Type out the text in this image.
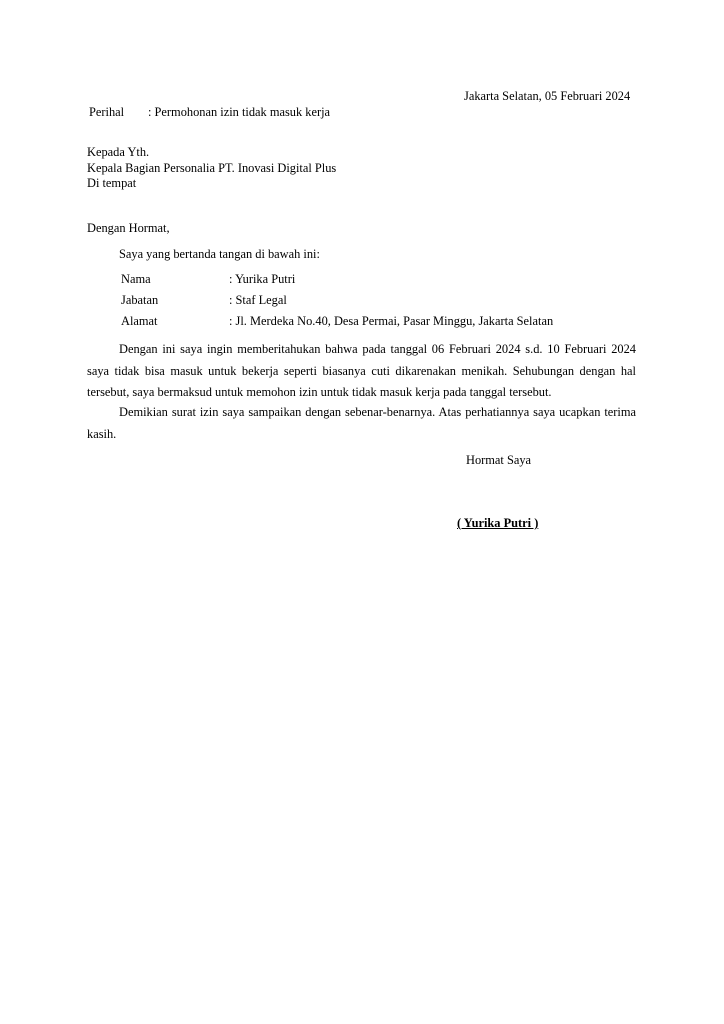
Jakarta Selatan, 05 Februari 2024
Perihal : Permohonan izin tidak masuk kerja
Kepada Yth.
Kepala Bagian Personalia PT. Inovasi Digital Plus
Di tempat
Dengan Hormat,
Saya yang bertanda tangan di bawah ini:
Nama	: Yurika Putri
Jabatan	: Staf Legal
Alamat	: Jl. Merdeka No.40, Desa Permai, Pasar Minggu, Jakarta Selatan
Dengan ini saya ingin memberitahukan bahwa pada tanggal 06 Februari 2024 s.d. 10 Februari 2024 saya tidak bisa masuk untuk bekerja seperti biasanya cuti dikarenakan menikah. Sehubungan dengan hal tersebut, saya bermaksud untuk memohon izin untuk tidak masuk kerja pada tanggal tersebut.
Demikian surat izin saya sampaikan dengan sebenar-benarnya. Atas perhatiannya saya ucapkan terima kasih.
Hormat Saya
( Yurika Putri )
